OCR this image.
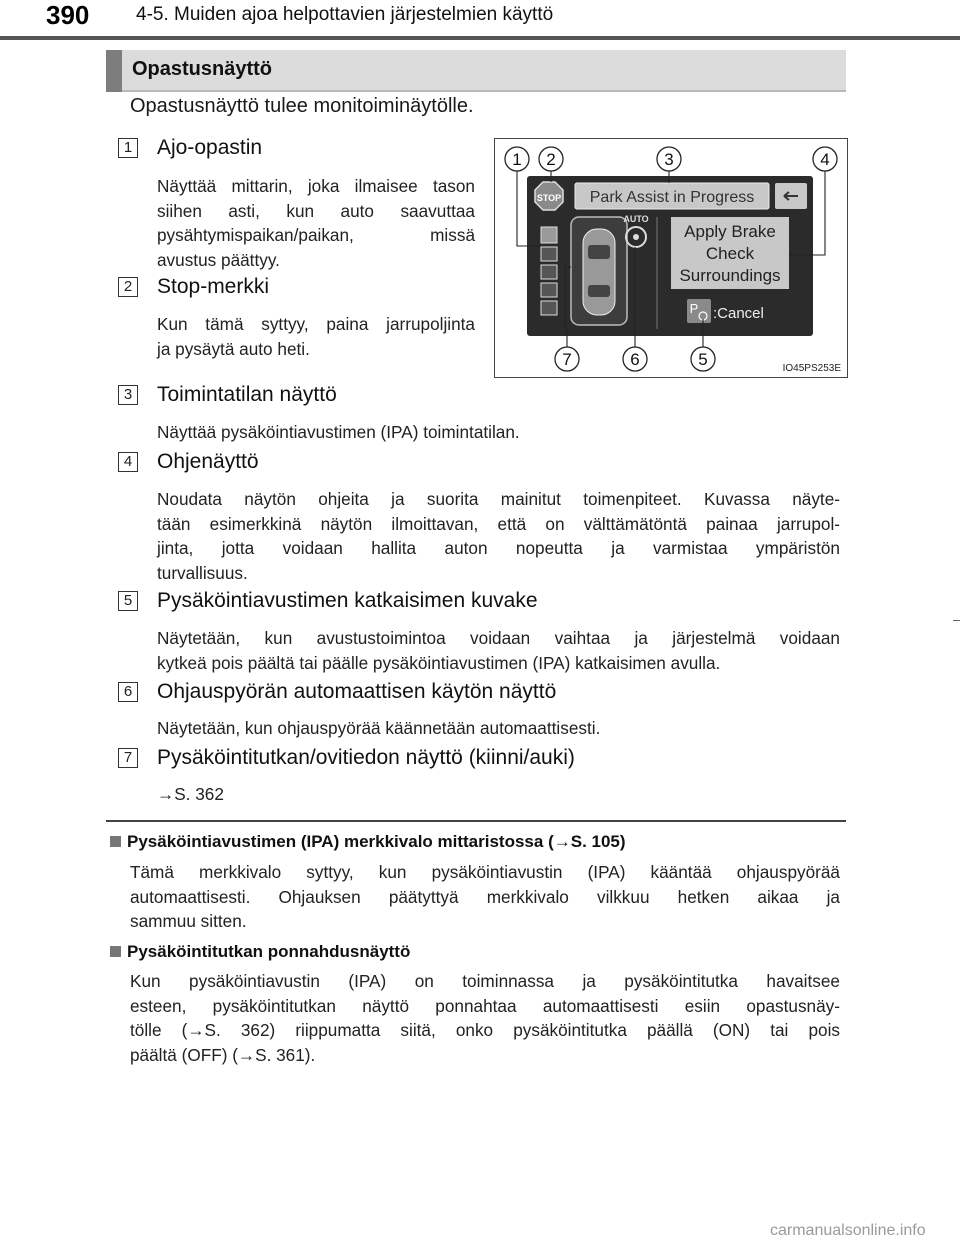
390 4-5. Muiden ajoa helpottavien järjestelmien käyttö
Opastusnäyttö
Opastusnäyttö tulee monitoiminäytölle.
1 Ajo-opastin
Näyttää mittarin, joka ilmaisee tason
siihen asti, kun auto saavuttaa
pysähtymispaikan/paikan, missä
avustus päättyy.
2 Stop-merkki
Kun tämä syttyy, paina jarrupoljinta
ja pysäytä auto heti.
3 Toimintatilan näyttö
Näyttää pysäköintiavustimen (IPA) toimintatilan.
4 Ohjenäyttö
Noudata näytön ohjeita ja suorita mainitut toimenpiteet. Kuvassa näyte-
tään esimerkkinä näytön ilmoittavan, että on välttämätöntä painaa jarrupol-
jinta, jotta voidaan hallita auton nopeutta ja varmistaa ympäristön
turvallisuus.
5 Pysäköintiavustimen katkaisimen kuvake
Näytetään, kun avustustoimintoa voidaan vaihtaa ja järjestelmä voidaan
kytkeä pois päältä tai päälle pysäköintiavustimen (IPA) katkaisimen avulla.
6 Ohjauspyörän automaattisen käytön näyttö
Näytetään, kun ohjauspyörää käännetään automaattisesti.
7 Pysäköintitutkan/ovitiedon näyttö (kiinni/auki)
→S. 362
Pysäköintiavustimen (IPA) merkkivalo mittaristossa (→S. 105)
Tämä merkkivalo syttyy, kun pysäköintiavustin (IPA) kääntää ohjauspyörää
automaattisesti. Ohjauksen päätyttyä merkkivalo vilkkuu hetken aikaa ja
sammuu sitten.
Pysäköintitutkan ponnahdusnäyttö
Kun pysäköintiavustin (IPA) on toiminnassa ja pysäköintitutka havaitsee
esteen, pysäköintitutkan näyttö ponnahtaa automaattisesti esiin opastusnäy-
tölle (→S. 362) riippumatta siitä, onko pysäköintitutka päällä (ON) tai pois
päältä (OFF) (→S. 361).
Park Assist in Progress
STOP
AUTO
Apply Brake
Check
Surroundings
P :Cancel
1 2	3	4
5
6
7	IO45PS253E
carmanualsonline.info
